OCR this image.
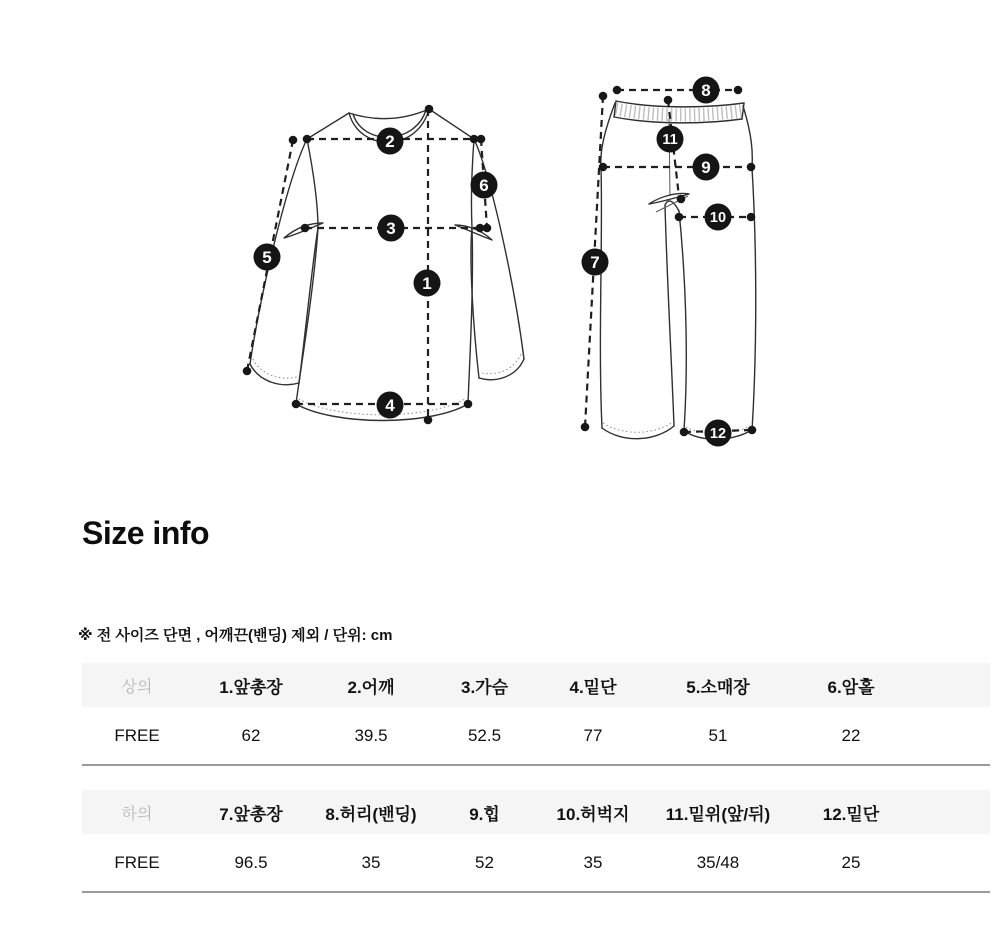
2
6
3
5
1
4
8
11
9
10
7
12
Size info

※ 전 사이즈 단면 , 어깨끈(밴딩) 제외 / 단위: cm

상의	1.앞총장	2.어깨	3.가슴	4.밑단	5.소매장	6.암홀	
FREE	62	39.5	52.5	77	51	22	
하의	7.앞총장	8.허리(밴딩)	9.힙	10.허벅지	11.밑위(앞/뒤)	12.밑단	
FREE	96.5	35	52	35	35/48	25	
